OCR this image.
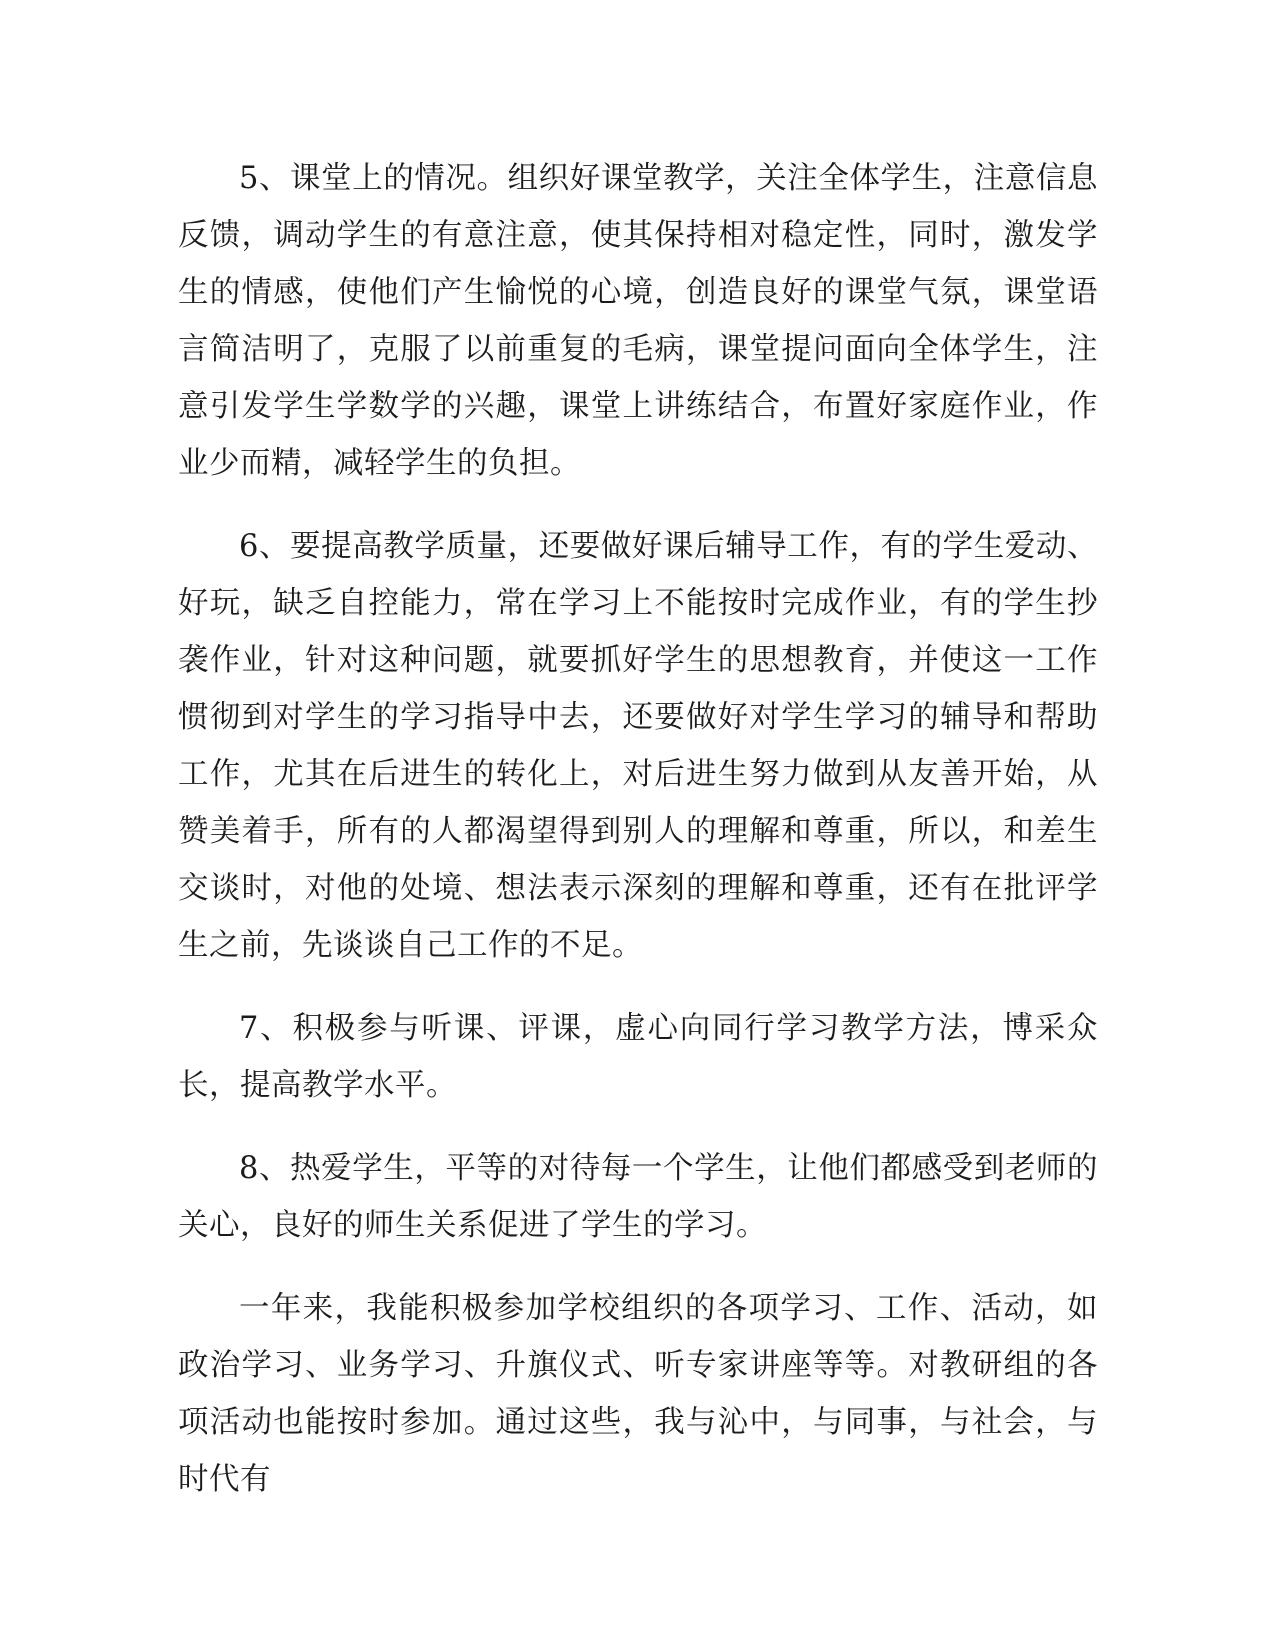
5、课堂上的情况。组织好课堂教学，关注全体学生，注意信息反馈，调动学生的有意注意，使其保持相对稳定性，同时，激发学生的情感，使他们产生愉悦的心境，创造良好的课堂气氛，课堂语言简洁明了，克服了以前重复的毛病，课堂提问面向全体学生，注意引发学生学数学的兴趣，课堂上讲练结合，布置好家庭作业，作业少而精，减轻学生的负担。

6、要提高教学质量，还要做好课后辅导工作，有的学生爱动、好玩，缺乏自控能力，常在学习上不能按时完成作业，有的学生抄袭作业，针对这种问题，就要抓好学生的思想教育，并使这一工作惯彻到对学生的学习指导中去，还要做好对学生学习的辅导和帮助工作，尤其在后进生的转化上，对后进生努力做到从友善开始，从赞美着手，所有的人都渴望得到别人的理解和尊重，所以，和差生交谈时，对他的处境、想法表示深刻的理解和尊重，还有在批评学生之前，先谈谈自己工作的不足。

7、积极参与听课、评课，虚心向同行学习教学方法，博采众长，提高教学水平。

8、热爱学生，平等的对待每一个学生，让他们都感受到老师的关心，良好的师生关系促进了学生的学习。

一年来，我能积极参加学校组织的各项学习、工作、活动，如政治学习、业务学习、升旗仪式、听专家讲座等等。对教研组的各项活动也能按时参加。通过这些，我与沁中，与同事，与社会，与时代有
